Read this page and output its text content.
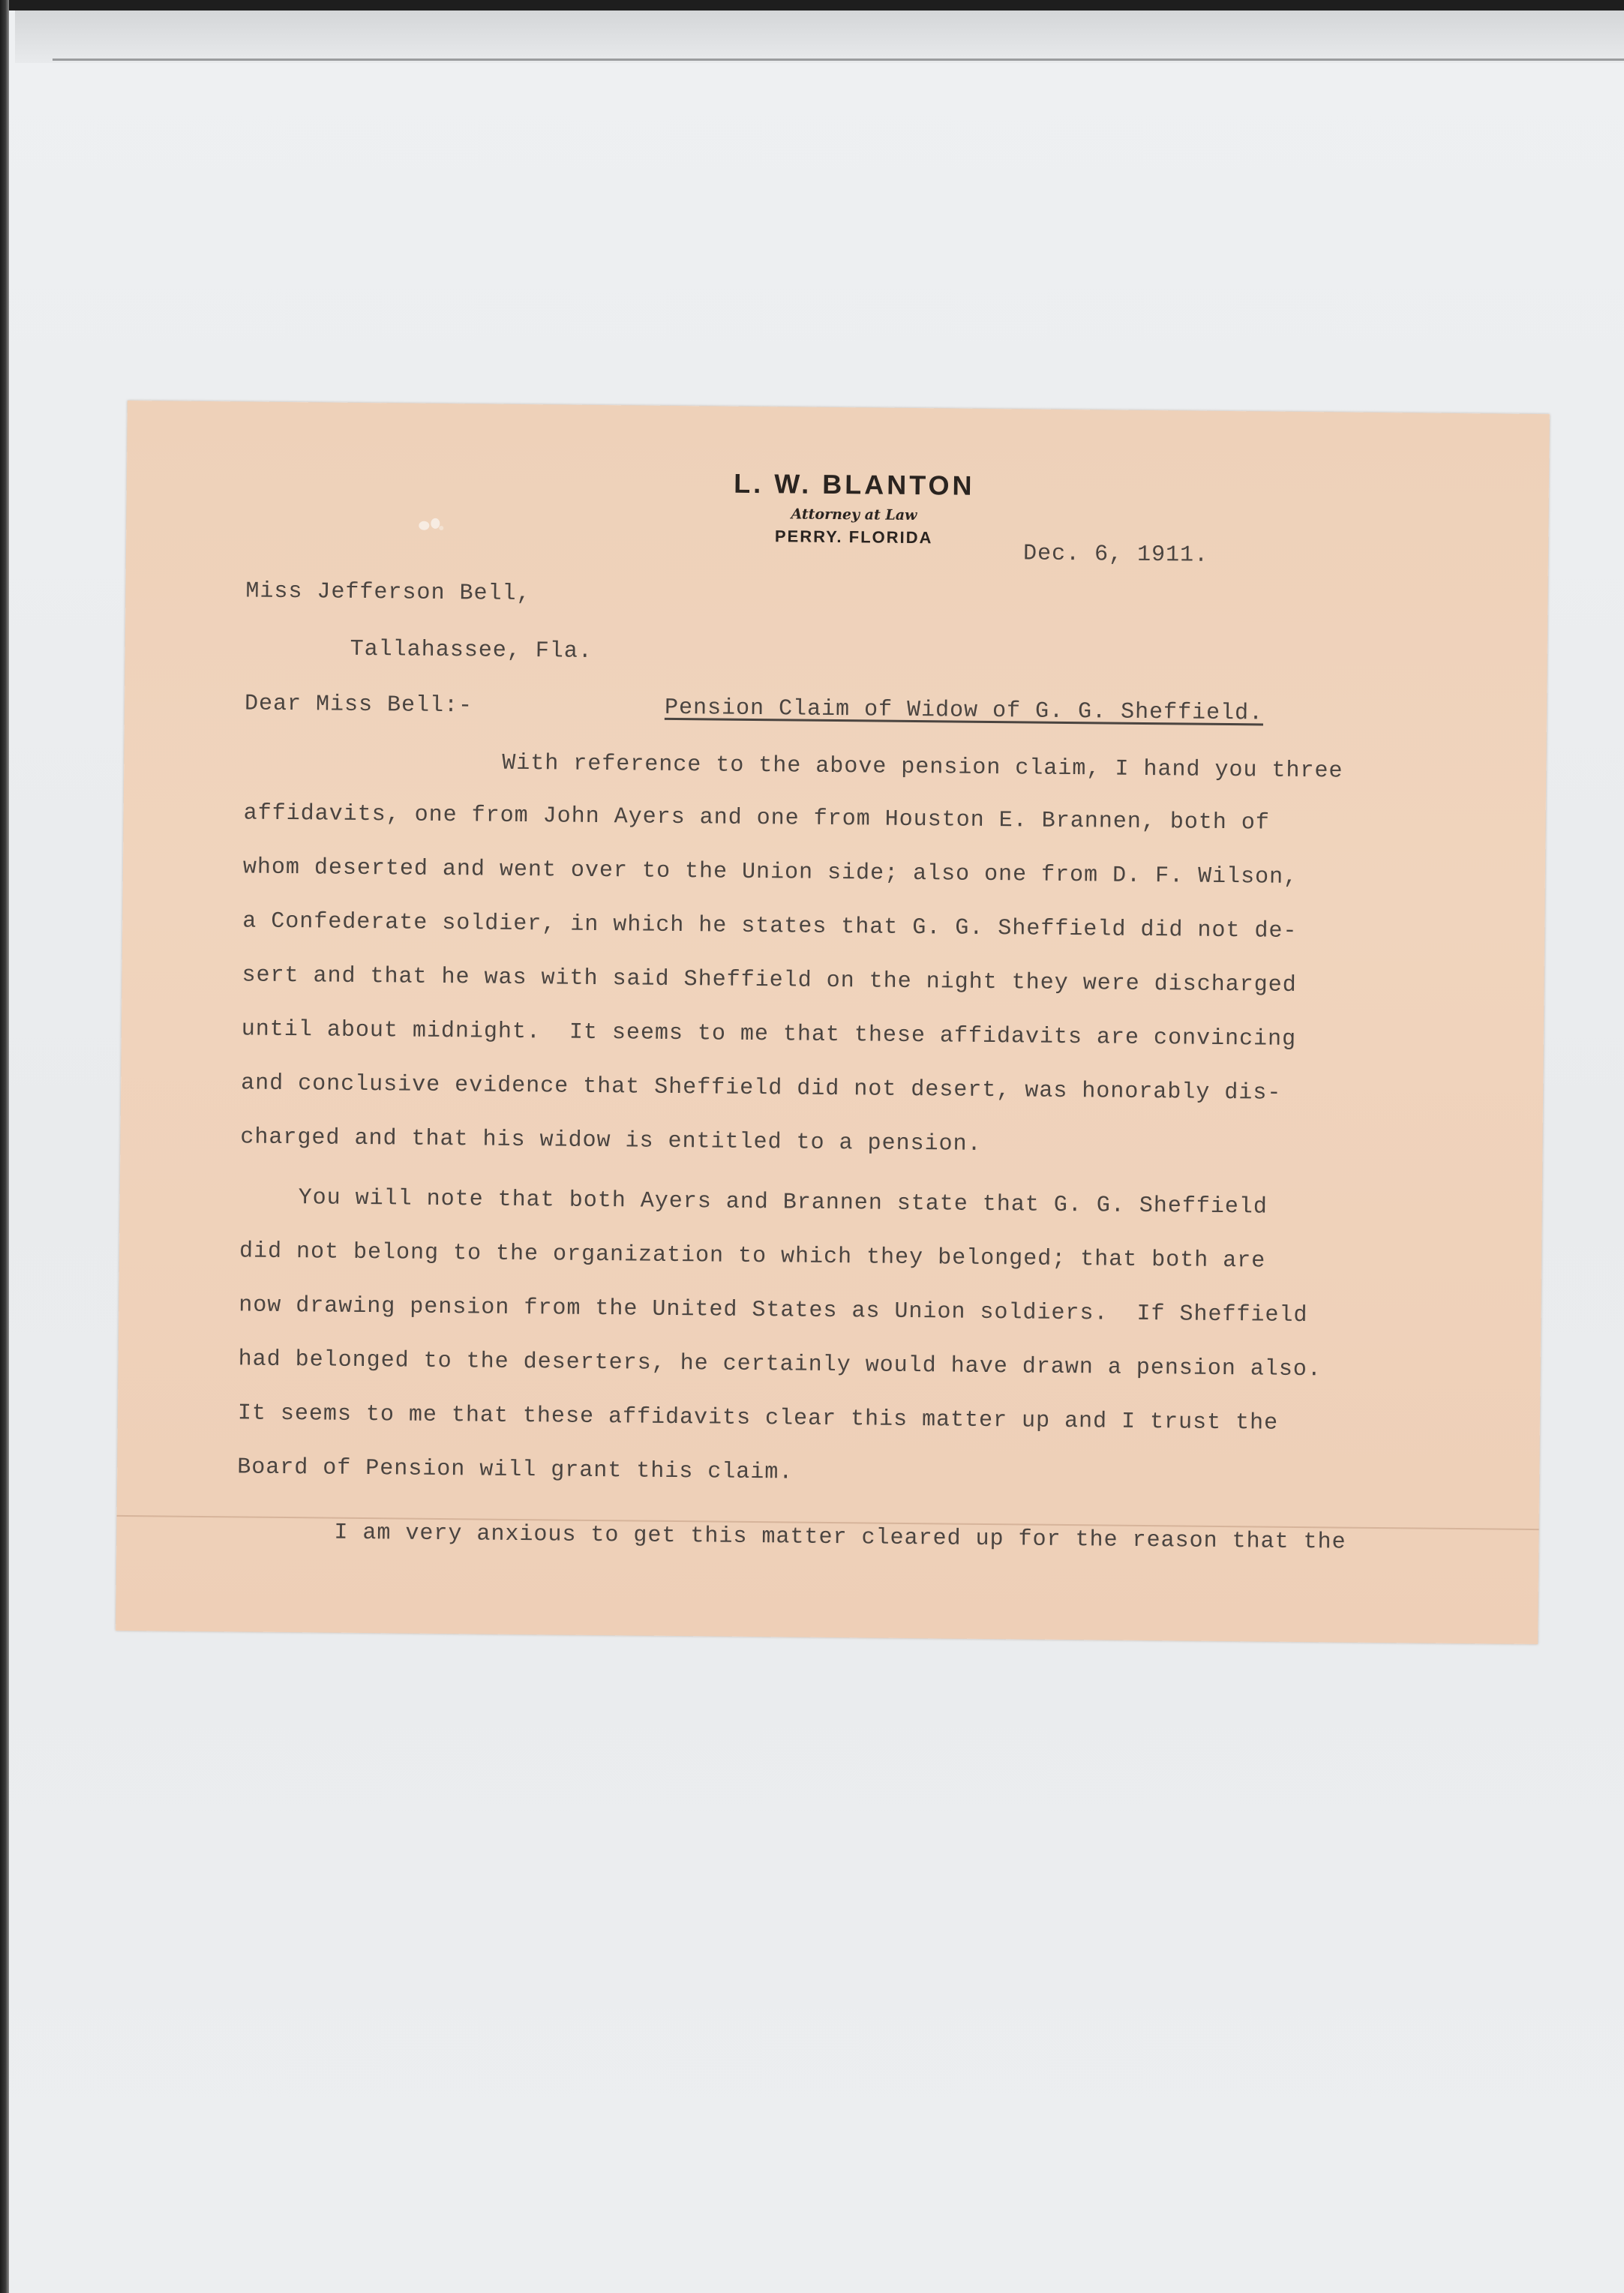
L. W. BLANTON
Attorney at Law
PERRY. FLORIDA
Dec. 6, 1911.
Miss Jefferson Bell,
Tallahassee, Fla.
Dear Miss Bell:-	Pension Claim of Widow of G. G. Sheffield.
With reference to the above pension claim, I hand you three
affidavits, one from John Ayers and one from Houston E. Brannen, both of
whom deserted and went over to the Union side; also one from D. F. Wilson,
a Confederate soldier, in which he states that G. G. Sheffield did not de-
sert and that he was with said Sheffield on the night they were discharged
until about midnight.  It seems to me that these affidavits are convincing
and conclusive evidence that Sheffield did not desert, was honorably dis-
charged and that his widow is entitled to a pension.
You will note that both Ayers and Brannen state that G. G. Sheffield
did not belong to the organization to which they belonged; that both are
now drawing pension from the United States as Union soldiers.  If Sheffield
had belonged to the deserters, he certainly would have drawn a pension also.
It seems to me that these affidavits clear this matter up and I trust the
Board of Pension will grant this claim.
I am very anxious to get this matter cleared up for the reason that the
